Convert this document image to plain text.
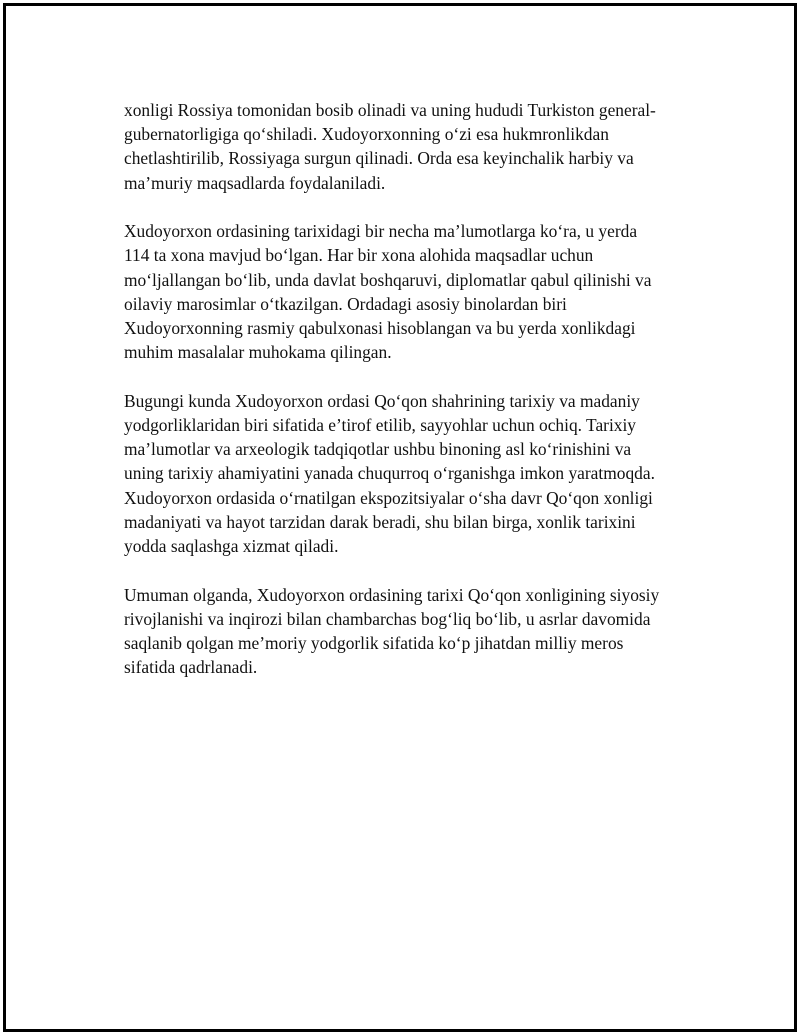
xonligi Rossiya tomonidan bosib olinadi va uning hududi Turkiston general-
gubernatorligiga qo‘shiladi. Xudoyorxonning o‘zi esa hukmronlikdan
chetlashtirilib, Rossiyaga surgun qilinadi. Orda esa keyinchalik harbiy va
ma’muriy maqsadlarda foydalaniladi.

Xudoyorxon ordasining tarixidagi bir necha ma’lumotlarga ko‘ra, u yerda
114 ta xona mavjud bo‘lgan. Har bir xona alohida maqsadlar uchun
mo‘ljallangan bo‘lib, unda davlat boshqaruvi, diplomatlar qabul qilinishi va
oilaviy marosimlar o‘tkazilgan. Ordadagi asosiy binolardan biri
Xudoyorxonning rasmiy qabulxonasi hisoblangan va bu yerda xonlikdagi
muhim masalalar muhokama qilingan.

Bugungi kunda Xudoyorxon ordasi Qo‘qon shahrining tarixiy va madaniy
yodgorliklaridan biri sifatida e’tirof etilib, sayyohlar uchun ochiq. Tarixiy
ma’lumotlar va arxeologik tadqiqotlar ushbu binoning asl ko‘rinishini va
uning tarixiy ahamiyatini yanada chuqurroq o‘rganishga imkon yaratmoqda.
Xudoyorxon ordasida o‘rnatilgan ekspozitsiyalar o‘sha davr Qo‘qon xonligi
madaniyati va hayot tarzidan darak beradi, shu bilan birga, xonlik tarixini
yodda saqlashga xizmat qiladi.

Umuman olganda, Xudoyorxon ordasining tarixi Qo‘qon xonligining siyosiy
rivojlanishi va inqirozi bilan chambarchas bog‘liq bo‘lib, u asrlar davomida
saqlanib qolgan me’moriy yodgorlik sifatida ko‘p jihatdan milliy meros
sifatida qadrlanadi.
